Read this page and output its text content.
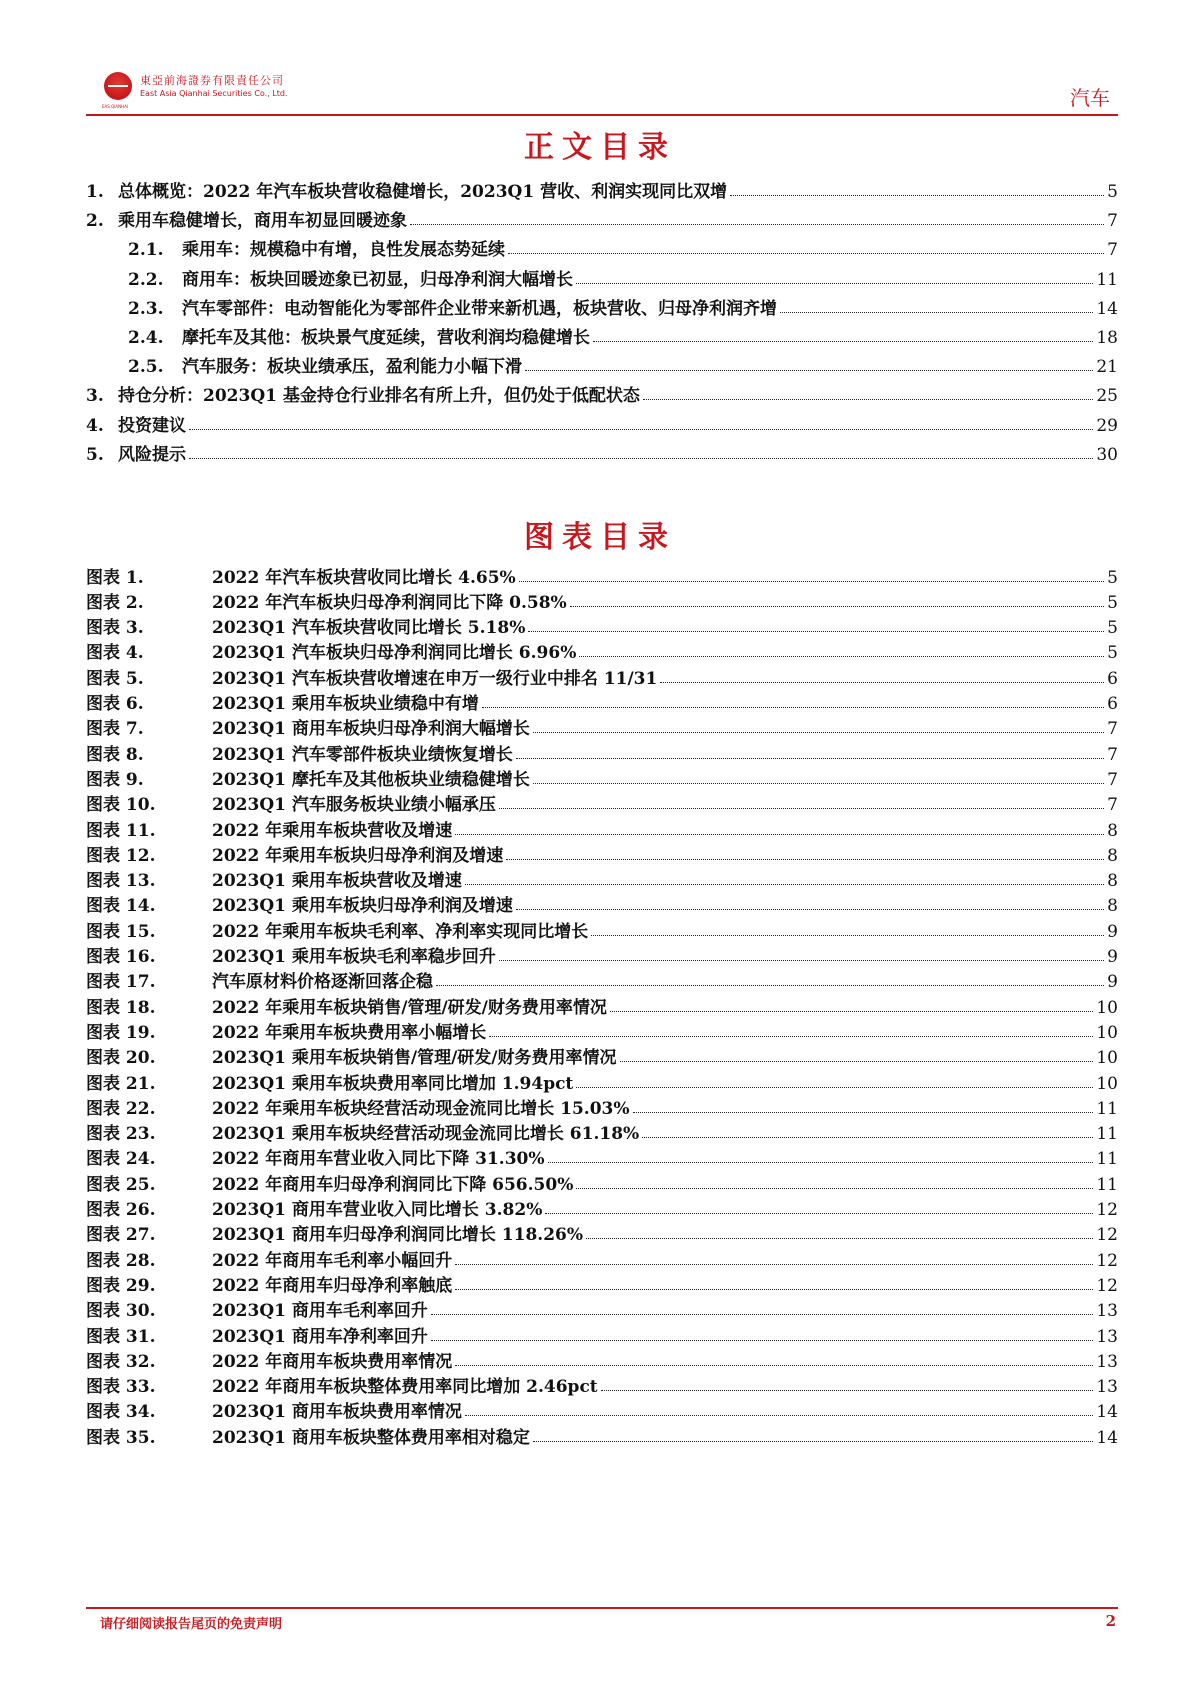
EAS QIANHAI
東亞前海證券有限責任公司
East Asia Qianhai Securities Co., Ltd.	汽车
正文目录
1. 总体概览：2022 年汽车板块营收稳健增长，2023Q1 营收、利润实现同比双增	5
2. 乘用车稳健增长，商用车初显回暖迹象	7
2.1.	乘用车：规模稳中有增，良性发展态势延续	7
2.2.	商用车：板块回暖迹象已初显，归母净利润大幅增长	11
2.3.	汽车零部件：电动智能化为零部件企业带来新机遇，板块营收、归母净利润齐增	14
2.4.	摩托车及其他：板块景气度延续，营收利润均稳健增长	18
2.5.	汽车服务：板块业绩承压，盈利能力小幅下滑	21
3. 持仓分析：2023Q1 基金持仓行业排名有所上升，但仍处于低配状态	25
4. 投资建议	29
5. 风险提示	30
图表目录
图表 1.	2022 年汽车板块营收同比增长 4.65%	5
图表 2.	2022 年汽车板块归母净利润同比下降 0.58%	5
图表 3.	2023Q1 汽车板块营收同比增长 5.18%	5
图表 4.	2023Q1 汽车板块归母净利润同比增长 6.96%	5
图表 5.	2023Q1 汽车板块营收增速在申万一级行业中排名 11/31	6
图表 6.	2023Q1 乘用车板块业绩稳中有增	6
图表 7.	2023Q1 商用车板块归母净利润大幅增长	7
图表 8.	2023Q1 汽车零部件板块业绩恢复增长	7
图表 9.	2023Q1 摩托车及其他板块业绩稳健增长	7
图表 10.	2023Q1 汽车服务板块业绩小幅承压	7
图表 11.	2022 年乘用车板块营收及增速	8
图表 12.	2022 年乘用车板块归母净利润及增速	8
图表 13.	2023Q1 乘用车板块营收及增速	8
图表 14.	2023Q1 乘用车板块归母净利润及增速	8
图表 15.	2022 年乘用车板块毛利率、净利率实现同比增长	9
图表 16.	2023Q1 乘用车板块毛利率稳步回升	9
图表 17.	汽车原材料价格逐渐回落企稳	9
图表 18.	2022 年乘用车板块销售/管理/研发/财务费用率情况	10
图表 19.	2022 年乘用车板块费用率小幅增长	10
图表 20.	2023Q1 乘用车板块销售/管理/研发/财务费用率情况	10
图表 21.	2023Q1 乘用车板块费用率同比增加 1.94pct	10
图表 22.	2022 年乘用车板块经营活动现金流同比增长 15.03%	11
图表 23.	2023Q1 乘用车板块经营活动现金流同比增长 61.18%	11
图表 24.	2022 年商用车营业收入同比下降 31.30%	11
图表 25.	2022 年商用车归母净利润同比下降 656.50%	11
图表 26.	2023Q1 商用车营业收入同比增长 3.82%	12
图表 27.	2023Q1 商用车归母净利润同比增长 118.26%	12
图表 28.	2022 年商用车毛利率小幅回升	12
图表 29.	2022 年商用车归母净利率触底	12
图表 30.	2023Q1 商用车毛利率回升	13
图表 31.	2023Q1 商用车净利率回升	13
图表 32.	2022 年商用车板块费用率情况	13
图表 33.	2022 年商用车板块整体费用率同比增加 2.46pct	13
图表 34.	2023Q1 商用车板块费用率情况	14
图表 35.	2023Q1 商用车板块整体费用率相对稳定	14
请仔细阅读报告尾页的免责声明	2
